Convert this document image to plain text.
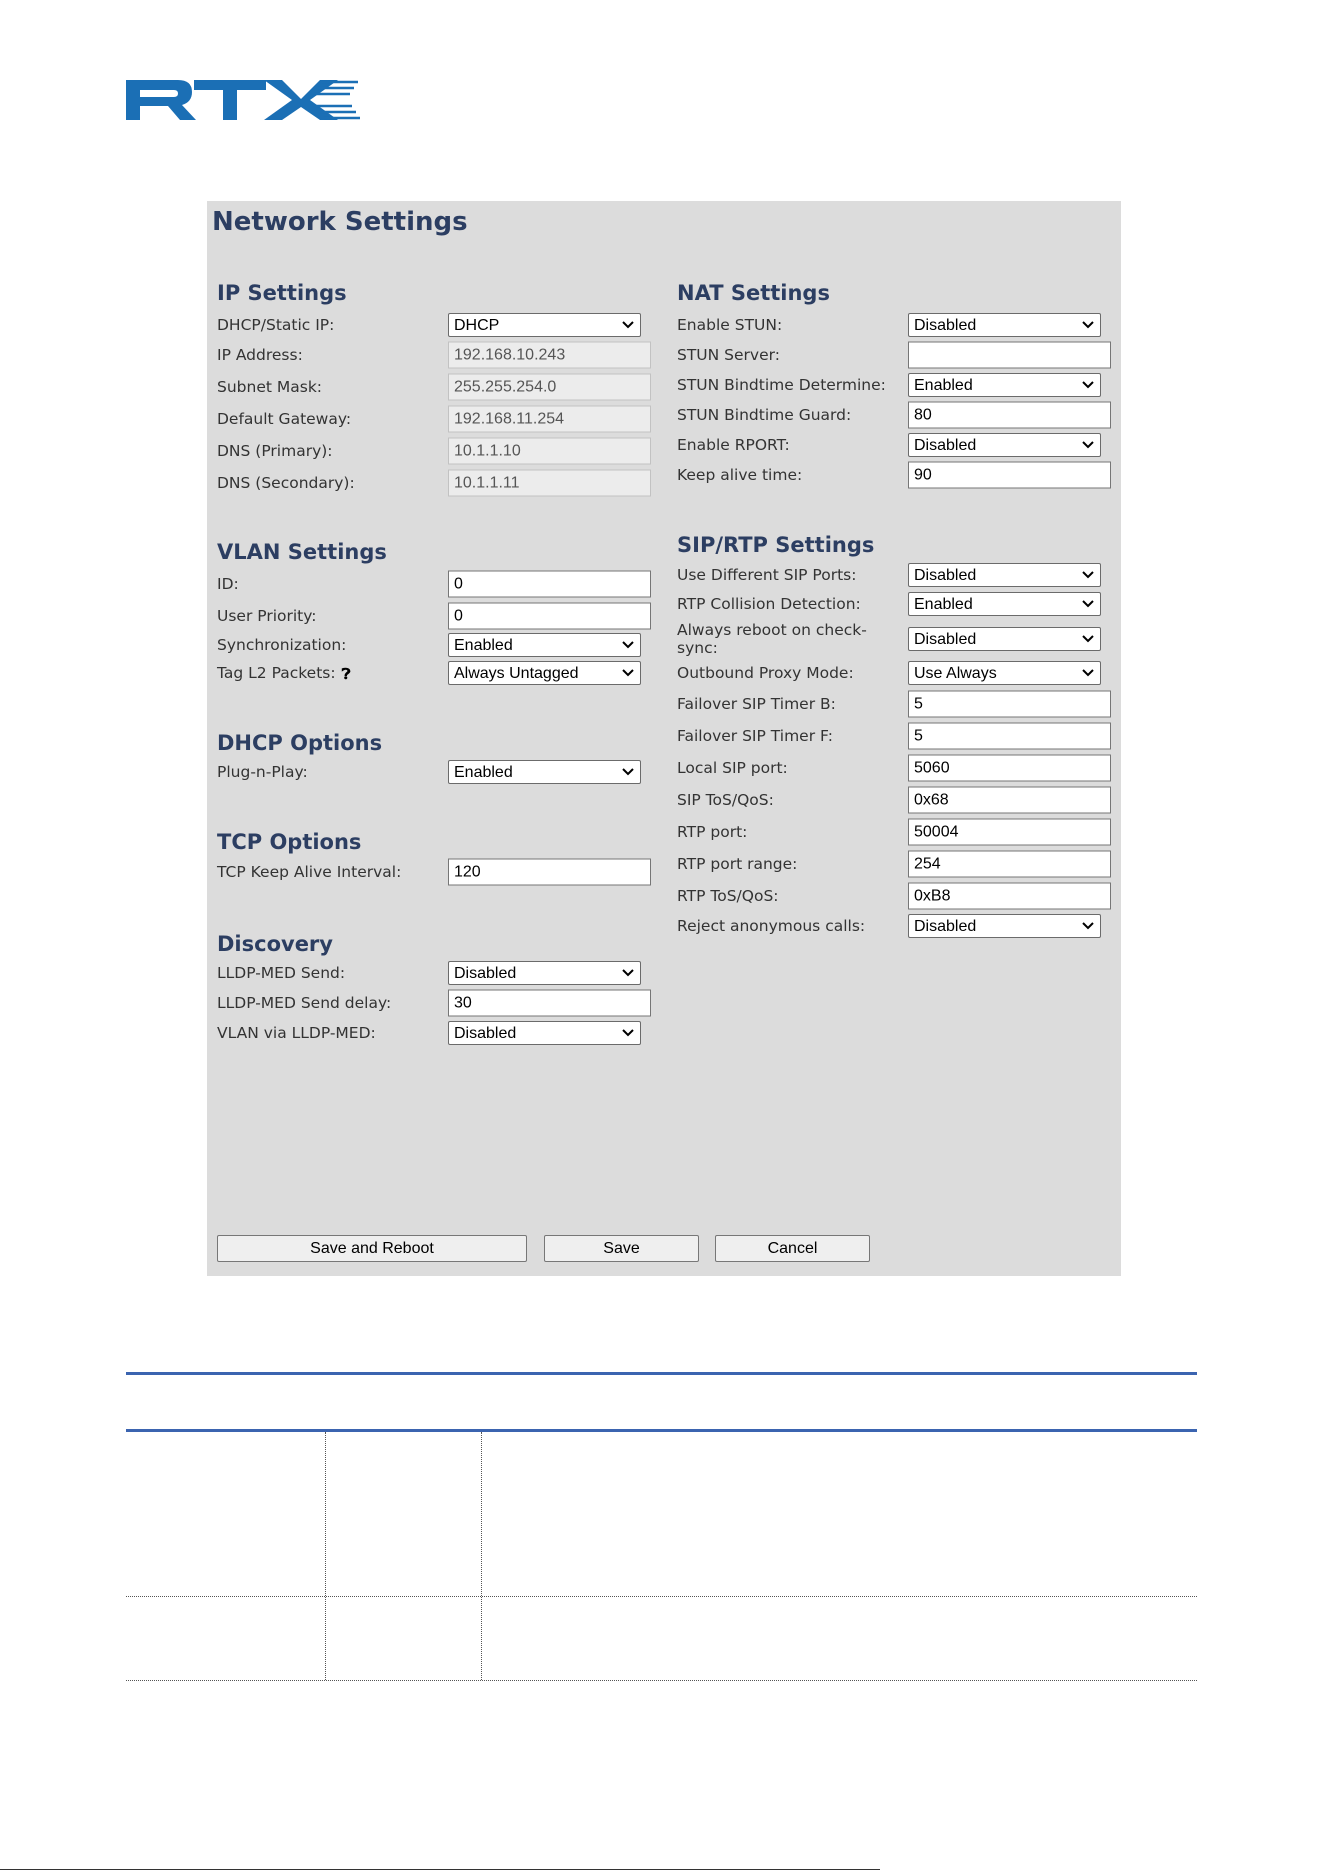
Network Settings
IP Settings
DHCP/Static IP:	DHCP
IP Address:	192.168.10.243
Subnet Mask:	255.255.254.0
Default Gateway:	192.168.11.254
DNS (Primary):	10.1.1.10
DNS (Secondary):	10.1.1.11
VLAN Settings
ID:	0
User Priority:	0
Synchronization:	Enabled
Tag L2 Packets: ❓︎	Always Untagged
DHCP Options
Plug-n-Play:	Enabled
TCP Options
TCP Keep Alive Interval:	120
Discovery
LLDP-MED Send:	Disabled
LLDP-MED Send delay:	30
VLAN via LLDP-MED:	Disabled
NAT Settings
Enable STUN:	Disabled
STUN Server:
STUN Bindtime Determine:	Enabled
STUN Bindtime Guard:	80
Enable RPORT:	Disabled
Keep alive time:	90
SIP/RTP Settings
Use Different SIP Ports:	Disabled
RTP Collision Detection:	Enabled
Always reboot on check-sync:	Disabled
Outbound Proxy Mode:	Use Always
Failover SIP Timer B:	5
Failover SIP Timer F:	5
Local SIP port:	5060
SIP ToS/QoS:	0x68
RTP port:	50004
RTP port range:	254
RTP ToS/QoS:	0xB8
Reject anonymous calls:	Disabled
Save and Reboot	Save	Cancel
